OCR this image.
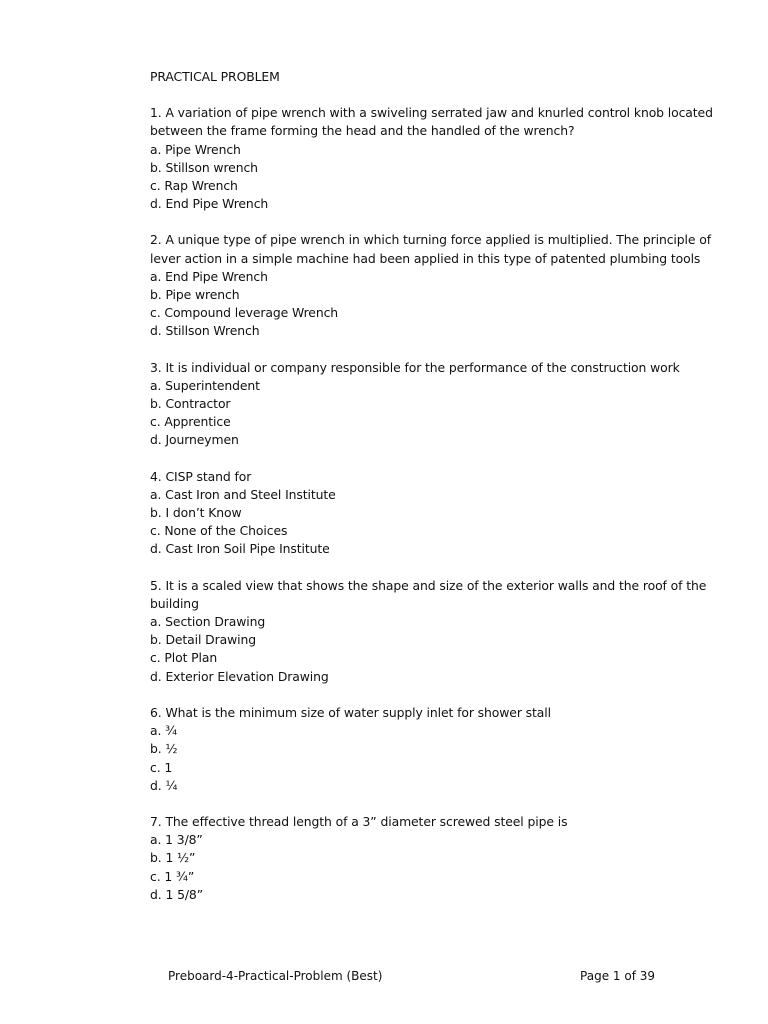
PRACTICAL PROBLEM

1. A variation of pipe wrench with a swiveling serrated jaw and knurled control knob located between the frame forming the head and the handled of the wrench?

a. Pipe Wrench

b. Stillson wrench

c. Rap Wrench

d. End Pipe Wrench

2. A unique type of pipe wrench in which turning force applied is multiplied. The principle of lever action in a simple machine had been applied in this type of patented plumbing tools

a. End Pipe Wrench

b. Pipe wrench

c. Compound leverage Wrench

d. Stillson Wrench

3. It is individual or company responsible for the performance of the construction work

a. Superintendent

b. Contractor

c. Apprentice

d. Journeymen

4. CISP stand for

a. Cast Iron and Steel Institute

b. I don’t Know

c. None of the Choices

d. Cast Iron Soil Pipe Institute

5. It is a scaled view that shows the shape and size of the exterior walls and the roof of the building

a. Section Drawing

b. Detail Drawing

c. Plot Plan

d. Exterior Elevation Drawing

6. What is the minimum size of water supply inlet for shower stall

a. ¾

b. ½

c. 1

d. ¼

7. The effective thread length of a 3” diameter screwed steel pipe is

a. 1 3/8”

b. 1 ½”

c. 1 ¾”

d. 1 5/8”

Preboard-4-Practical-Problem (Best)	Page 1 of 39
